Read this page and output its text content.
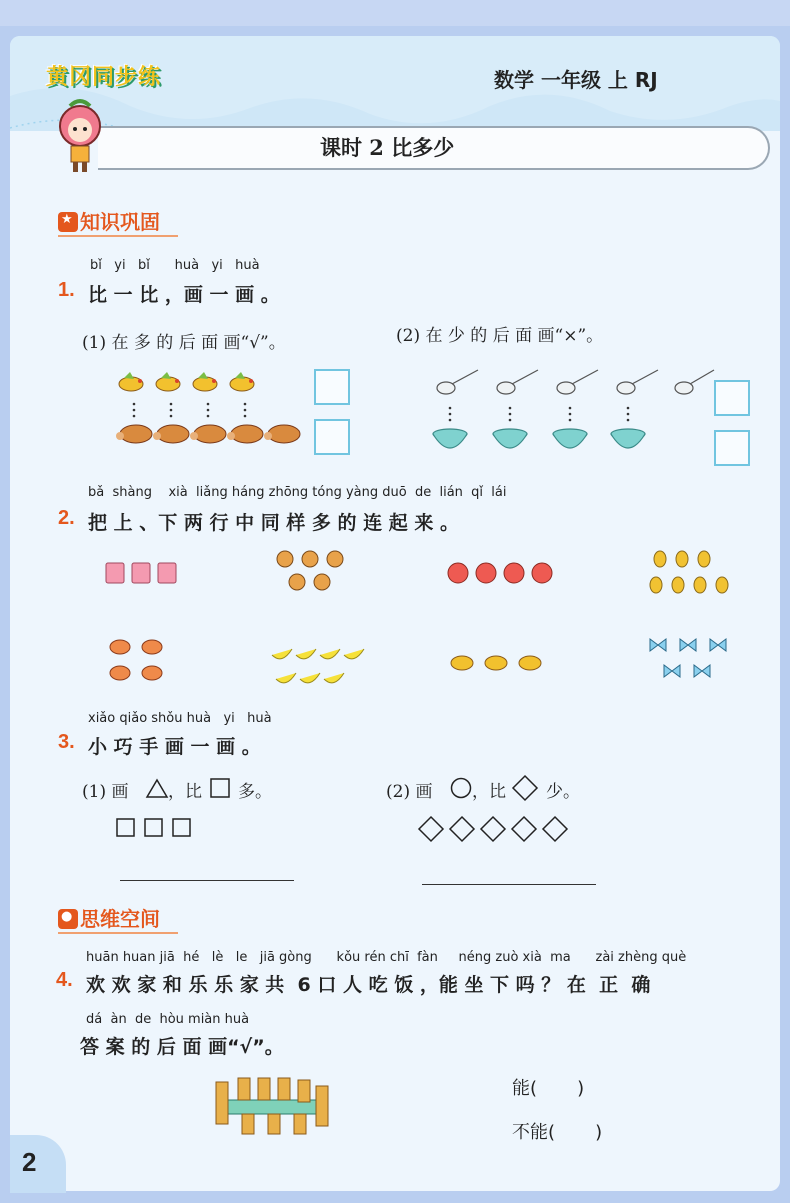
2
黄冈同步练	数学 一年级 上 RJ
课时 2 比多少
★知识巩固
bǐ   yi   bǐ      huà   yi   huà
1. 比 一 比 ，画 一 画 。
(1) 在 多 的 后 面 画“√”。	(2) 在 少 的 后 面 画“×”。
bǎ  shàng    xià  liǎng háng zhōng tóng yàng duō  de  lián  qǐ  lái
2. 把 上 、下 两 行 中 同 样 多 的 连 起 来 。
xiǎo qiǎo shǒu huà   yi   huà
3. 小 巧 手 画 一 画 。
(1) 画 ，比 多。	(2) 画 ，比 少。
●思维空间
huān huan jiā  hé   lè   le   jiā gòng      kǒu rén chī  fàn     néng zuò xià  ma      zài zhèng què
4. 欢 欢 家 和 乐 乐 家 共  6 口 人 吃 饭 ，能 坐 下 吗 ？ 在  正  确
dá  àn  de  hòu miàn huà
答 案 的 后 面 画“√”。
能(       )
不能(       )
